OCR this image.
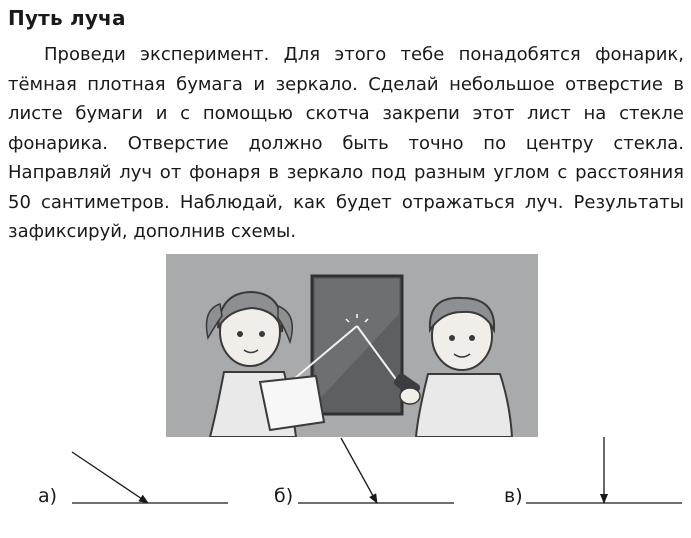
Путь луча

Проведи эксперимент. Для этого тебе понадобятся фонарик, тёмная плотная бумага и зеркало. Сделай небольшое отверстие в листе бумаги и с помощью скотча закрепи этот лист на стекле фонарика. Отверстие должно быть точно по центру стекла. Направляй луч от фонаря в зеркало под разным углом с расстояния 50 сантиметров. Наблюдай, как будет отражаться луч. Результаты зафиксируй, дополнив схемы.

а)	б)	в)
